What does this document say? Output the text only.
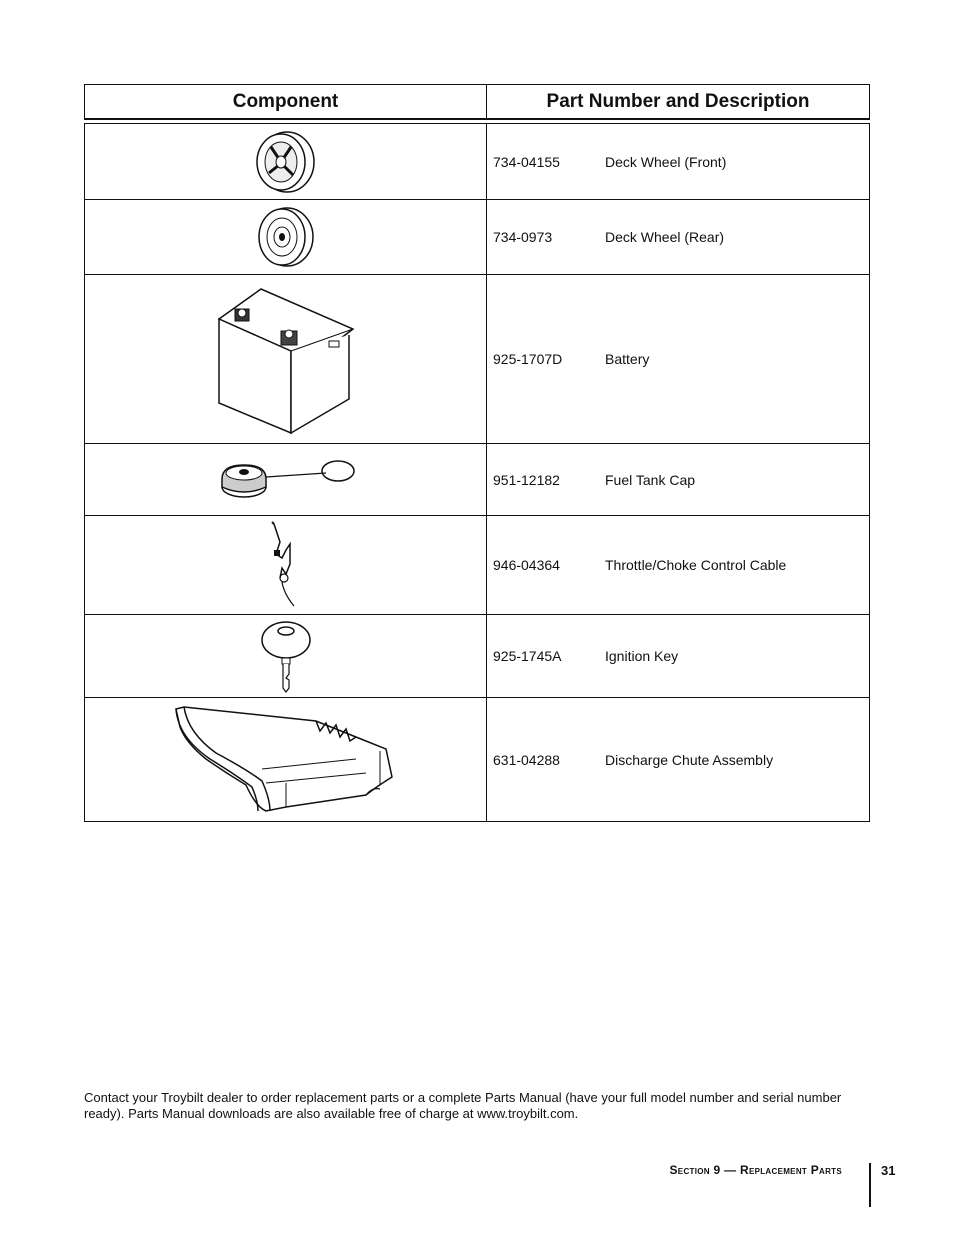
Component	Part Number and Description

	734-04155 Deck Wheel (Front)

	734-0973 Deck Wheel (Rear)

	925-1707D Battery

	951-12182 Fuel Tank Cap

	946-04364 Throttle/Choke Control Cable

	925-1745A Ignition Key

	631-04288 Discharge Chute Assembly
Contact your Troybilt dealer to order replacement parts or a complete Parts Manual (have your full model number and serial number ready). Parts Manual downloads are also available free of charge at www.troybilt.com.
Section 9 — Replacement Parts	31
